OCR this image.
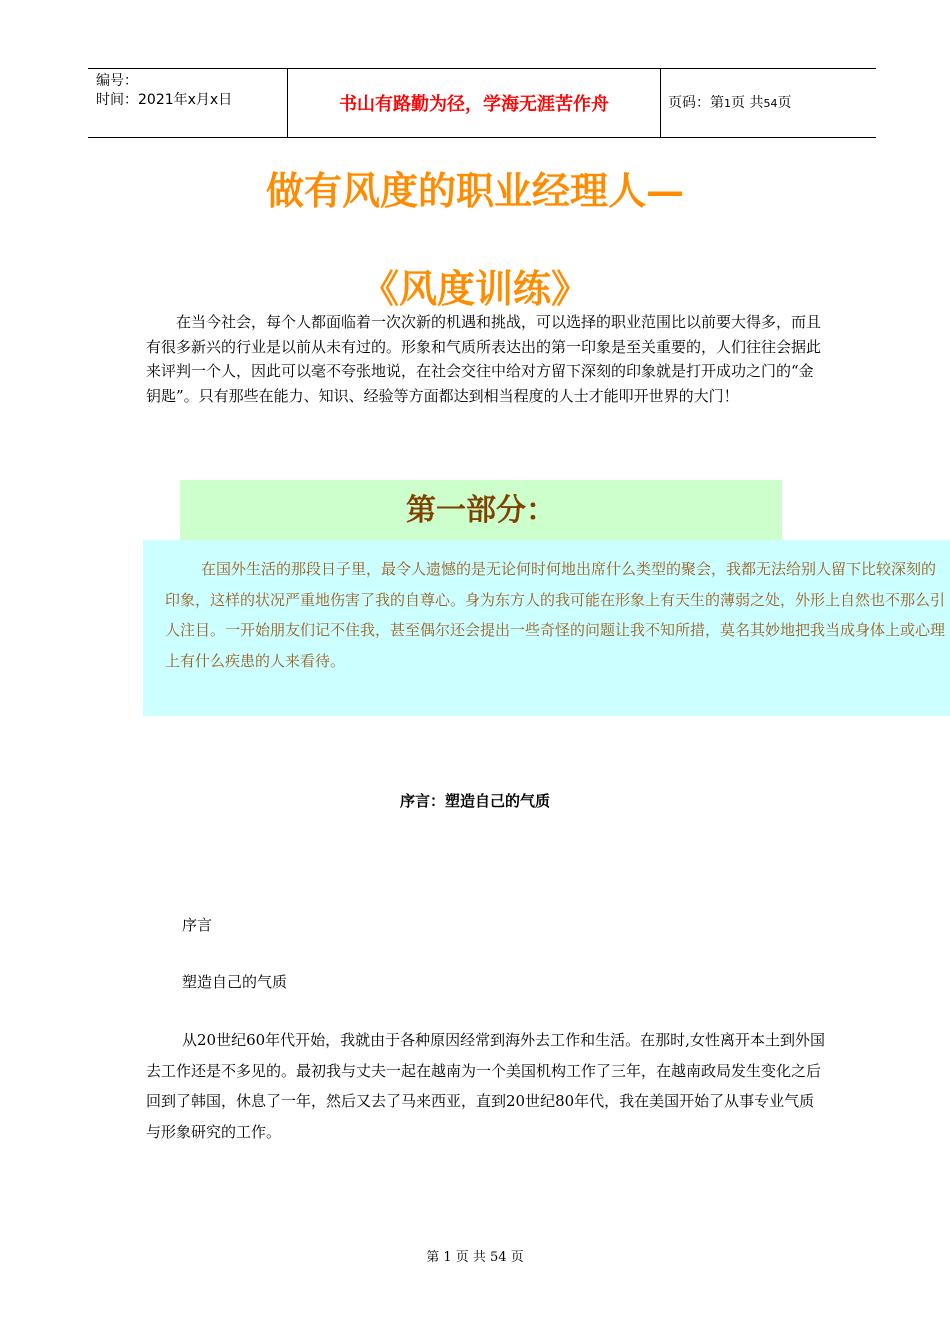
编号：
时间：2021年x月x日	书山有路勤为径，学海无涯苦作舟	页码：第1页 共54页
做有风度的职业经理人—
《风度训练》

在当今社会，每个人都面临着一次次新的机遇和挑战，可以选择的职业范围比以前要大得多，而且有很多新兴的行业是以前从未有过的。形象和气质所表达出的第一印象是至关重要的，人们往往会据此来评判一个人，因此可以毫不夸张地说，在社会交往中给对方留下深刻的印象就是打开成功之门的“金钥匙”。只有那些在能力、知识、经验等方面都达到相当程度的人士才能叩开世界的大门！

第一部分：

在国外生活的那段日子里，最令人遗憾的是无论何时何地出席什么类型的聚会，我都无法给别人留下比较深刻的印象，这样的状况严重地伤害了我的自尊心。身为东方人的我可能在形象上有天生的薄弱之处，外形上自然也不那么引人注目。一开始朋友们记不住我，甚至偶尔还会提出一些奇怪的问题让我不知所措，莫名其妙地把我当成身体上或心理上有什么疾患的人来看待。

序言：塑造自己的气质
序言
塑造自己的气质

从20世纪60年代开始，我就由于各种原因经常到海外去工作和生活。在那时,女性离开本土到外国去工作还是不多见的。最初我与丈夫一起在越南为一个美国机构工作了三年，在越南政局发生变化之后回到了韩国，休息了一年，然后又去了马来西亚，直到20世纪80年代，我在美国开始了从事专业气质与形象研究的工作。

第 1 页 共 54 页
